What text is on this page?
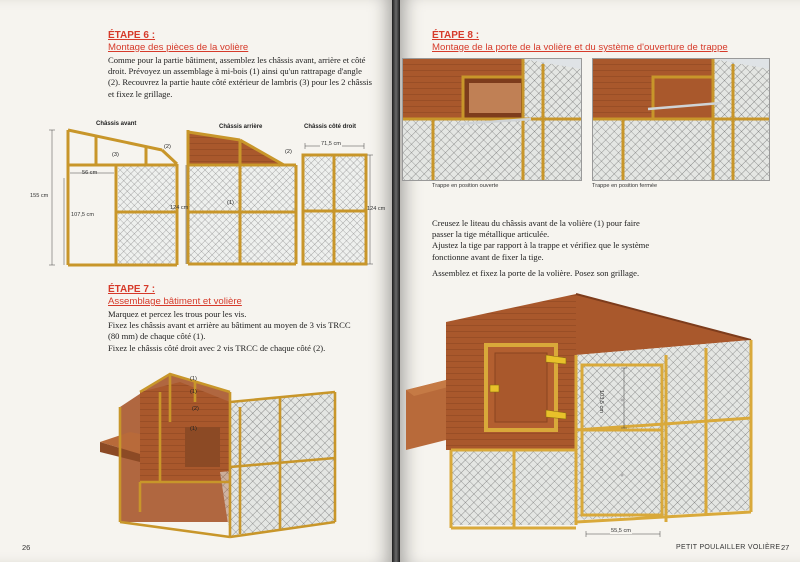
ÉTAPE 6 :
Montage des pièces de la volière
Comme pour la partie bâtiment, assemblez les châssis avant, arrière et côté
droit. Prévoyez un assemblage à mi-bois (1) ainsi qu'un rattrapage d'angle
(2). Recouvrez la partie haute côté extérieur de lambris (3) pour les 2 châssis
et fixez le grillage.
Châssis avant	Châssis arrière	Châssis côté droit
155 cm
56 cm
107,5 cm
124 cm
71,5 cm
124 cm
(1)
(2)
(2)
(3)
ÉTAPE 7 :
Assemblage bâtiment et volière
Marquez et percez les trous pour les vis.
Fixez les châssis avant et arrière au bâtiment au moyen de 3 vis TRCC
(80 mm) de chaque côté (1).
Fixez le châssis côté droit avec 2 vis TRCC de chaque côté (2).
(1)
(1)
(1)
(2)
26
ÉTAPE 8 :
Montage de la porte de la volière et du système d'ouverture de trappe
Trappe en position ouverte	Trappe en position fermée
Creusez le liteau du châssis avant de la volière (1) pour faire
passer la tige métallique articulée.
Ajustez la tige par rapport à la trappe et vérifiez que le système
fonctionne avant de fixer la tige.
Assemblez et fixez la porte de la volière. Posez son grillage.
103,5 cm
55,5 cm
PETIT POULAILLER VOLIÈRE 27
